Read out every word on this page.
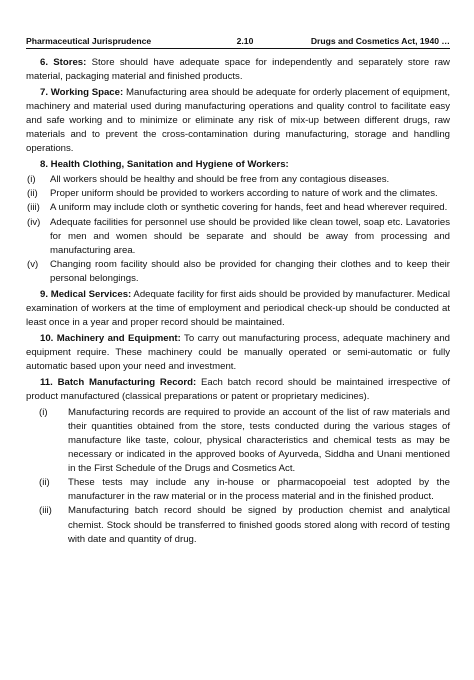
Pharmaceutical Jurisprudence	2.10	Drugs and Cosmetics Act, 1940 …

6. Stores: Store should have adequate space for independently and separately store raw material, packaging material and finished products.

7. Working Space: Manufacturing area should be adequate for orderly placement of equipment, machinery and material used during manufacturing operations and quality control to facilitate easy and safe working and to minimize or eliminate any risk of mix-up between different drugs, raw materials and to prevent the cross-contamination during manufacturing, storage and handling operations.

8. Health Clothing, Sanitation and Hygiene of Workers:

(i)	All workers should be healthy and should be free from any contagious diseases.
(ii)	Proper uniform should be provided to workers according to nature of work and the climates.
(iii)	A uniform may include cloth or synthetic covering for hands, feet and head wherever required.
(iv)	Adequate facilities for personnel use should be provided like clean towel, soap etc. Lavatories for men and women should be separate and should be away from processing and manufacturing area.
(v)	Changing room facility should also be provided for changing their clothes and to keep their personal belongings.

9. Medical Services: Adequate facility for first aids should be provided by manufacturer. Medical examination of workers at the time of employment and periodical check-up should be conducted at least once in a year and proper record should be maintained.

10. Machinery and Equipment: To carry out manufacturing process, adequate machinery and equipment require. These machinery could be manually operated or semi-automatic or fully automatic based upon your need and investment.

11. Batch Manufacturing Record: Each batch record should be maintained irrespective of product manufactured (classical preparations or patent or proprietary medicines).

(i)	Manufacturing records are required to provide an account of the list of raw materials and their quantities obtained from the store, tests conducted during the various stages of manufacture like taste, colour, physical characteristics and chemical tests as may be necessary or indicated in the approved books of Ayurveda, Siddha and Unani mentioned in the First Schedule of the Drugs and Cosmetics Act.
(ii)	These tests may include any in-house or pharmacopoeial test adopted by the manufacturer in the raw material or in the process material and in the finished product.
(iii)	Manufacturing batch record should be signed by production chemist and analytical chemist. Stock should be transferred to finished goods stored along with record of testing with date and quantity of drug.
